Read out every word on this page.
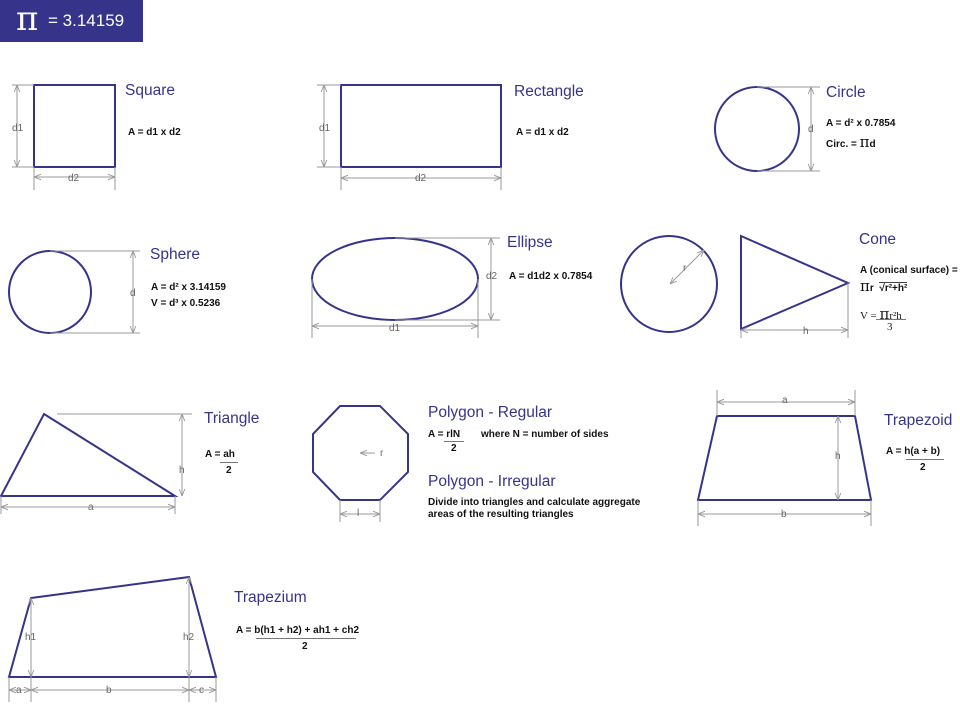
π = 3.14159
Square
A = d1 x d2
d1
d2
Rectangle
A = d1 x d2
d1
d2
Circle
A = d² x 0.7854
Circ. = πd
d
Sphere
A = d² x 3.14159
V = d³ x 0.5236
d
Ellipse
A = d1d2 x 0.7854
d2
d1
Cone
A (conical surface) =
πr √r²+h²
V = πr²h
3
r
h
Triangle
A = ah
2
h
a
Polygon - Regular
A = rlN
2
where N = number of sides
r
l
Polygon - Irregular
Divide into triangles and calculate aggregate
areas of the resulting triangles
Trapezoid
A = h(a + b)
2
a
h
b
Trapezium
A = b(h1 + h2) + ah1 + ch2
2
h1	h2
a	b	c
